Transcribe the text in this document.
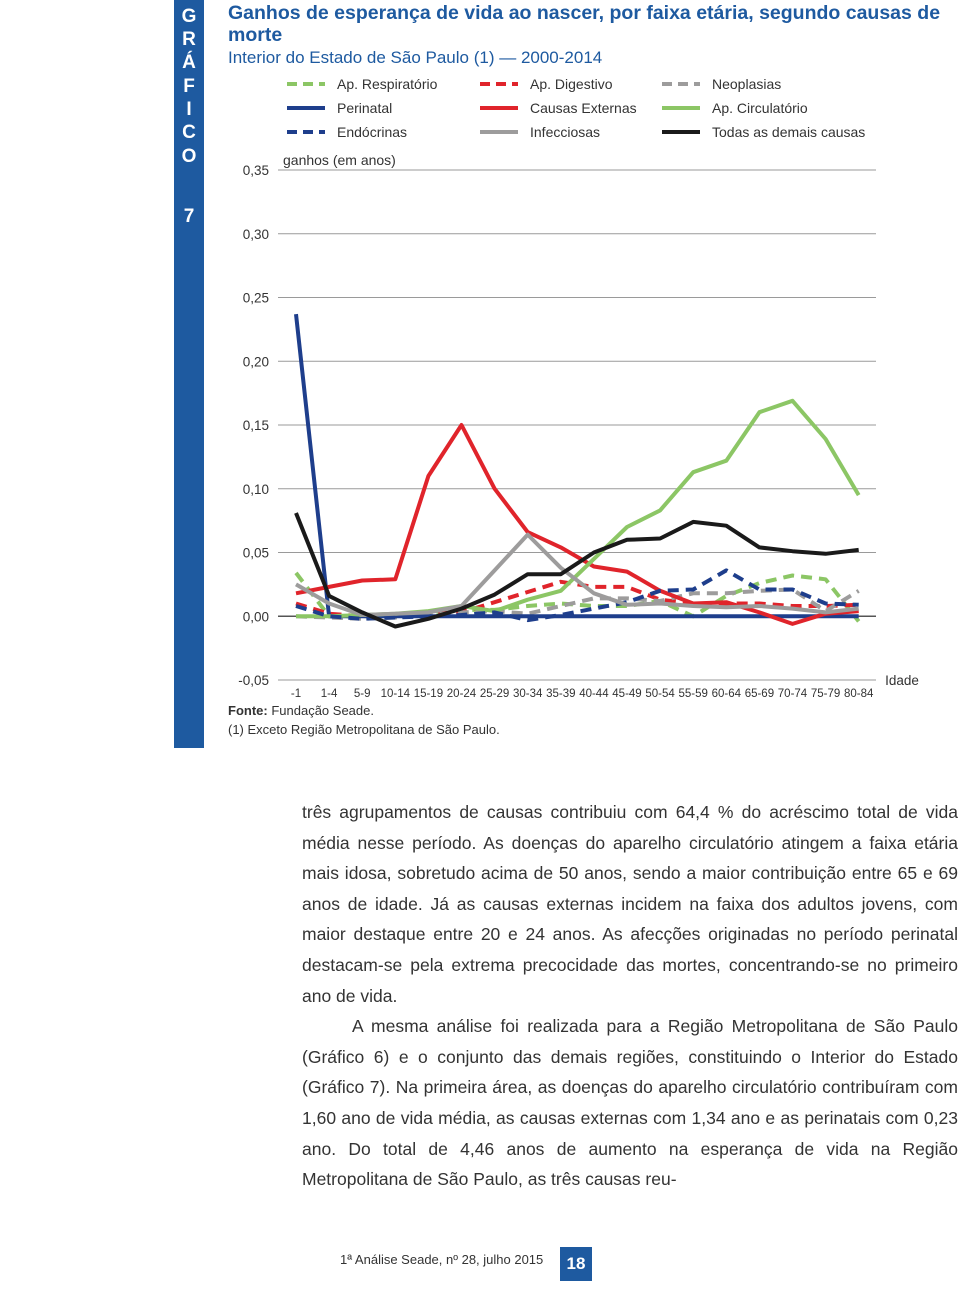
G
R
Á
F
I
C
O
7
Ganhos de esperança de vida ao nascer, por faixa etária, segundo causas de morte
Interior do Estado de São Paulo (1) — 2000-2014
0,35
0,30
0,25
0,20
0,15
0,10
0,05
0,00
-0,05
ganhos (em anos)
-1 1-4 5-9 10-14 15-19 20-24 25-29 30-34 35-39 40-44 45-49 50-54 55-59 60-64 65-69 70-74 75-79 80-84
Idade
Ap. Respiratório	Ap. Digestivo	Neoplasias
Perinatal	Causas Externas	Ap. Circulatório
Endócrinas	Infecciosas	Todas as demais causas
Fonte: Fundação Seade.
(1) Exceto Região Metropolitana de São Paulo.

três agrupamentos de causas contribuiu com 64,4 % do acréscimo total de vida média nesse período. As doenças do aparelho circulatório atingem a faixa etária mais idosa, sobretudo acima de 50 anos, sendo a maior contribuição entre 65 e 69 anos de idade. Já as causas externas incidem na faixa dos adultos jovens, com maior destaque entre 20 e 24 anos. As afecções originadas no período perinatal destacam-se pela extrema precocidade das mortes, concentrando-se no primeiro ano de vida.

A mesma análise foi realizada para a Região Metropolitana de São Paulo (Gráfico 6) e o conjunto das demais regiões, constituindo o Interior do Estado (Gráfico 7). Na primeira área, as doenças do aparelho circulatório contribuíram com 1,60 ano de vida média, as causas externas com 1,34 ano e as perinatais com 0,23 ano. Do total de 4,46 anos de aumento na esperança de vida na Região Metropolitana de São Paulo, as três causas reu-

1ª Análise Seade, nº 28, julho 2015	18
